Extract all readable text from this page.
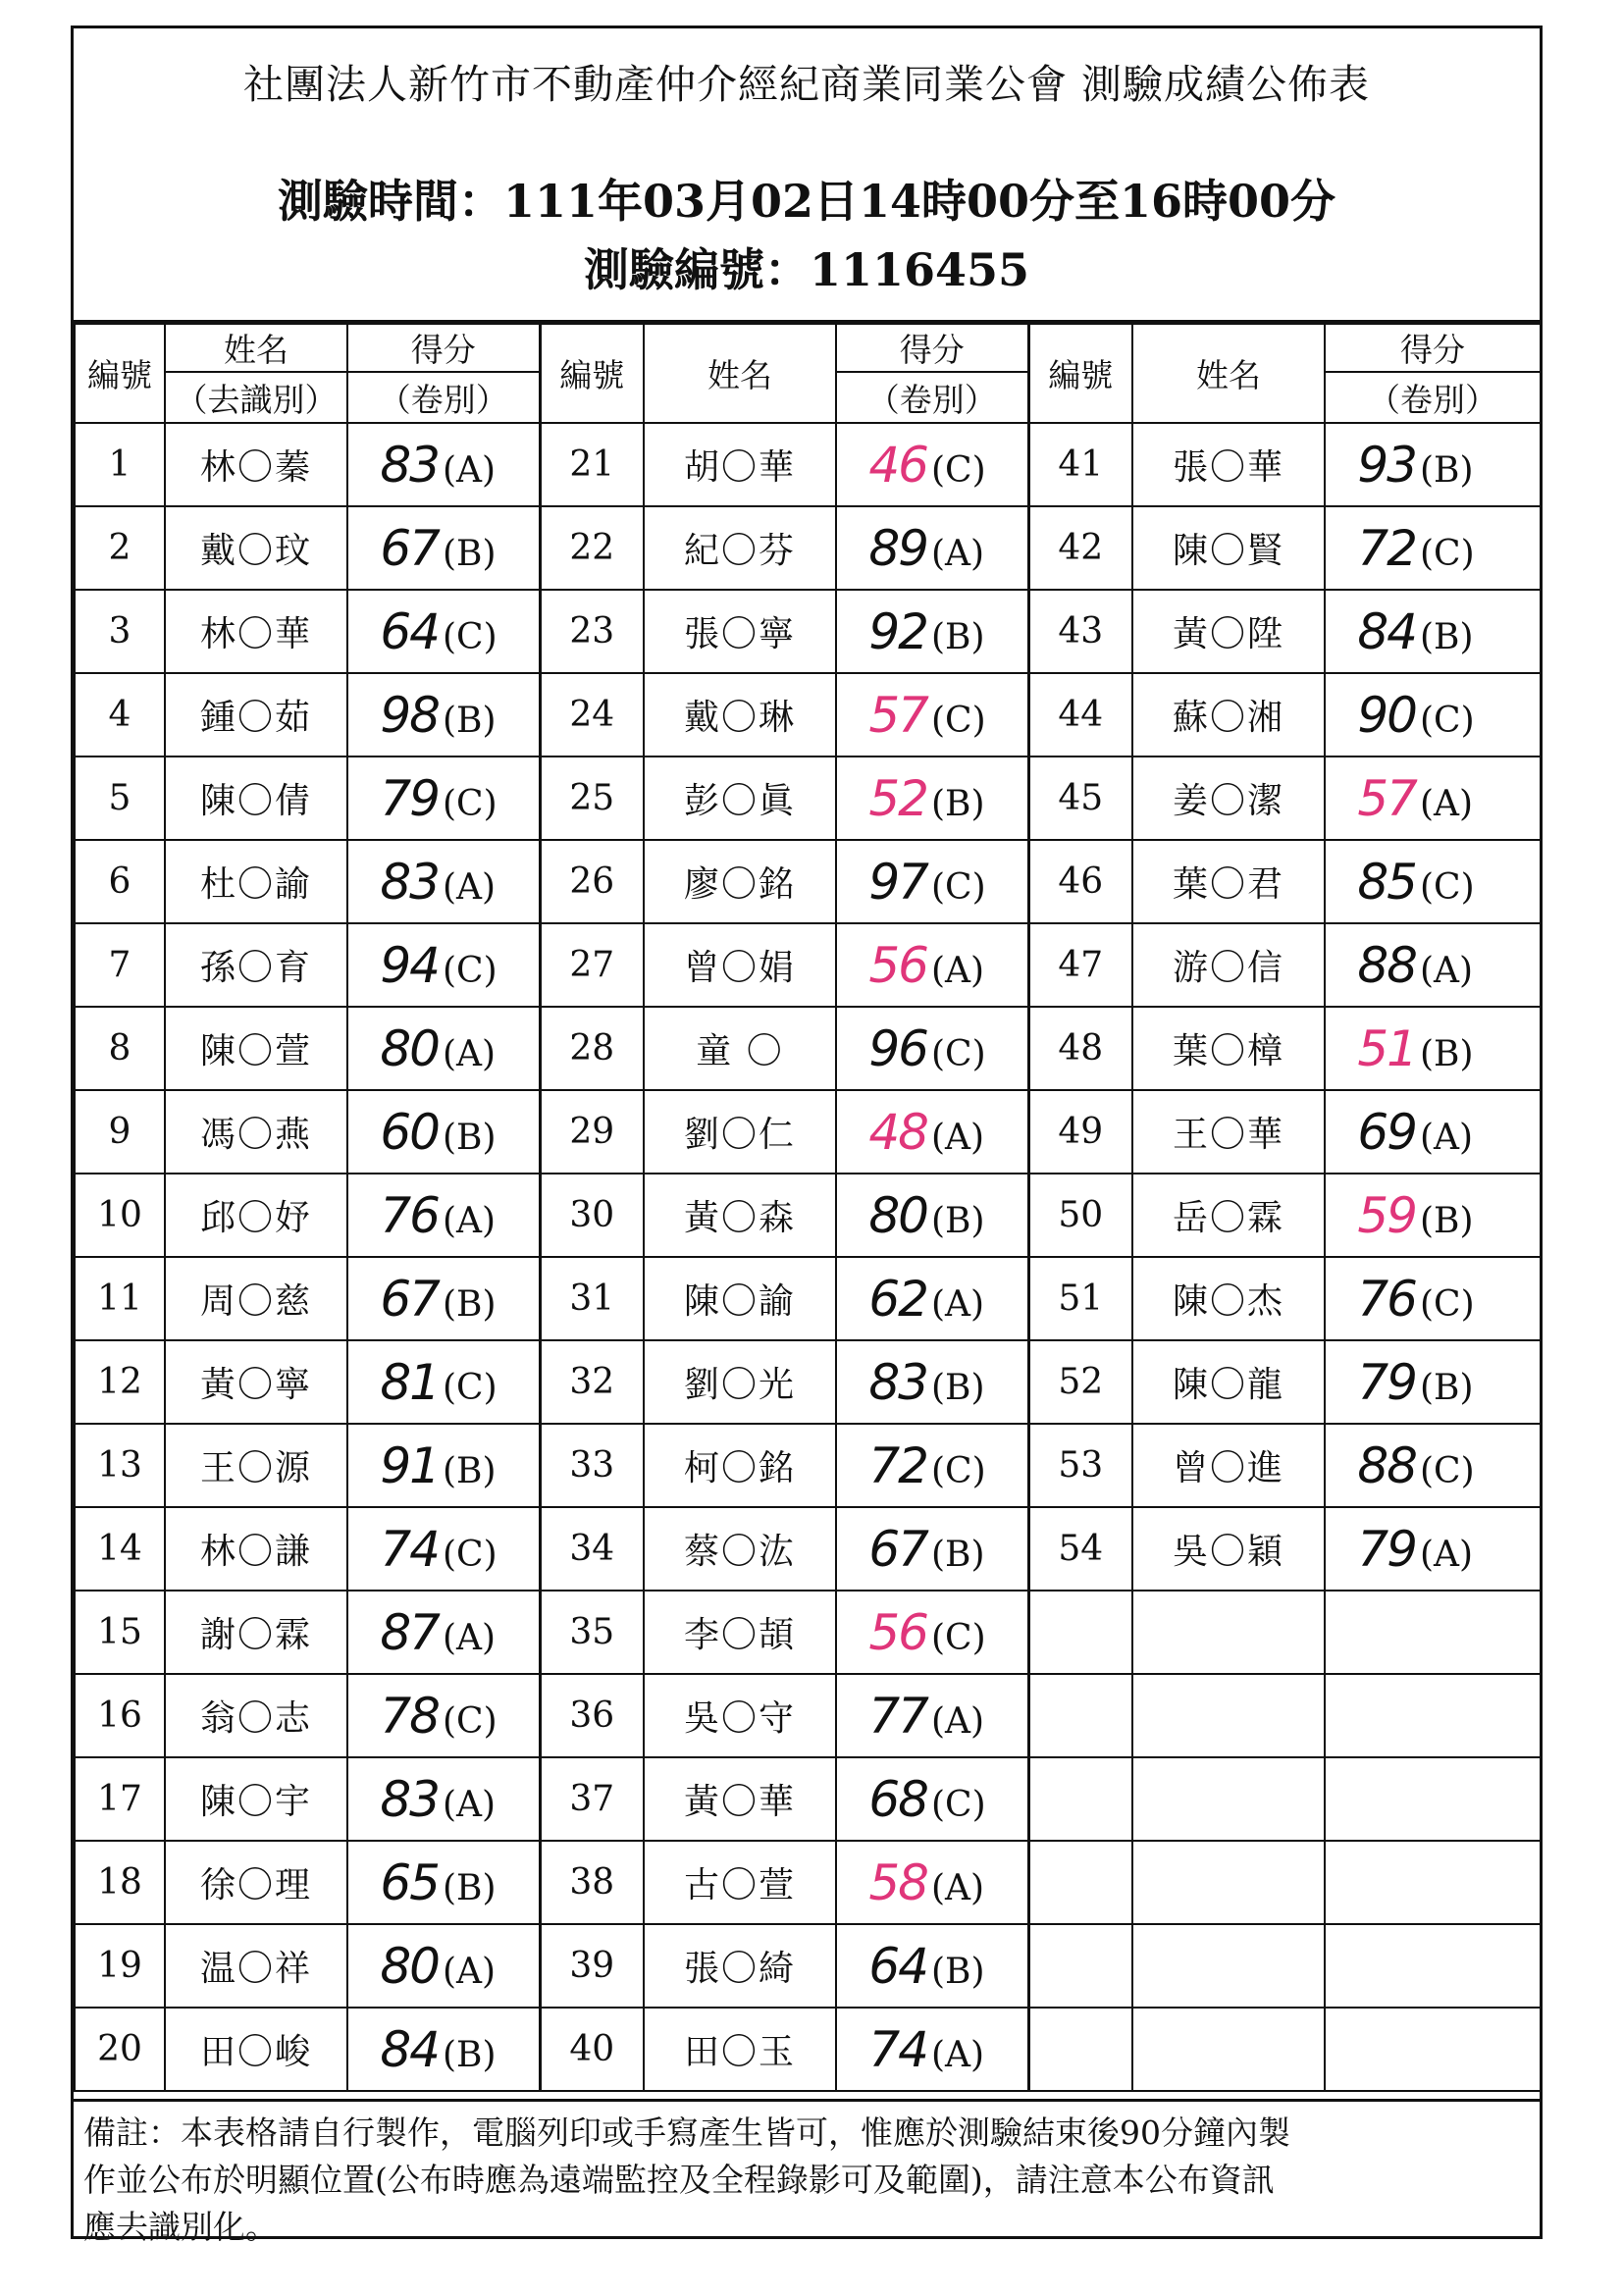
社團法人新竹市不動產仲介經紀商業同業公會 測驗成績公佈表
測驗時間：111年03月02日14時00分至16時00分
測驗編號：1116455
編號	姓名	得分	編號	姓名	得分	編號	姓名	得分
	（去識別）	（卷別）			（卷別）			（卷別）
1	林〇蓁	83 (A)	21	胡〇華	46 (C)	41	張〇華	93 (B)
2	戴〇玟	67 (B)	22	紀〇芬	89 (A)	42	陳〇賢	72 (C)
3	林〇華	64 (C)	23	張〇寧	92 (B)	43	黃〇陞	84 (B)
4	鍾〇茹	98 (B)	24	戴〇琳	57 (C)	44	蘇〇湘	90 (C)
5	陳〇倩	79 (C)	25	彭〇眞	52 (B)	45	姜〇潔	57 (A)
6	杜〇諭	83 (A)	26	廖〇銘	97 (C)	46	葉〇君	85 (C)
7	孫〇育	94 (C)	27	曾〇娟	56 (A)	47	游〇信	88 (A)
8	陳〇萱	80 (A)	28	童 〇	96 (C)	48	葉〇樟	51 (B)
9	馮〇燕	60 (B)	29	劉〇仁	48 (A)	49	王〇華	69 (A)
10	邱〇妤	76 (A)	30	黃〇森	80 (B)	50	岳〇霖	59 (B)
11	周〇慈	67 (B)	31	陳〇諭	62 (A)	51	陳〇杰	76 (C)
12	黃〇寧	81 (C)	32	劉〇光	83 (B)	52	陳〇龍	79 (B)
13	王〇源	91 (B)	33	柯〇銘	72 (C)	53	曾〇進	88 (C)
14	林〇謙	74 (C)	34	蔡〇汯	67 (B)	54	吳〇穎	79 (A)
15	謝〇霖	87 (A)	35	李〇頡	56 (C)			
16	翁〇志	78 (C)	36	吳〇守	77 (A)			
17	陳〇宇	83 (A)	37	黃〇華	68 (C)			
18	徐〇理	65 (B)	38	古〇萱	58 (A)			
19	温〇祥	80 (A)	39	張〇綺	64 (B)			
20	田〇峻	84 (B)	40	田〇玉	74 (A)			
備註：本表格請自行製作，電腦列印或手寫產生皆可，惟應於測驗結束後90分鐘內製
作並公布於明顯位置(公布時應為遠端監控及全程錄影可及範圍)，請注意本公布資訊
應去識別化。
